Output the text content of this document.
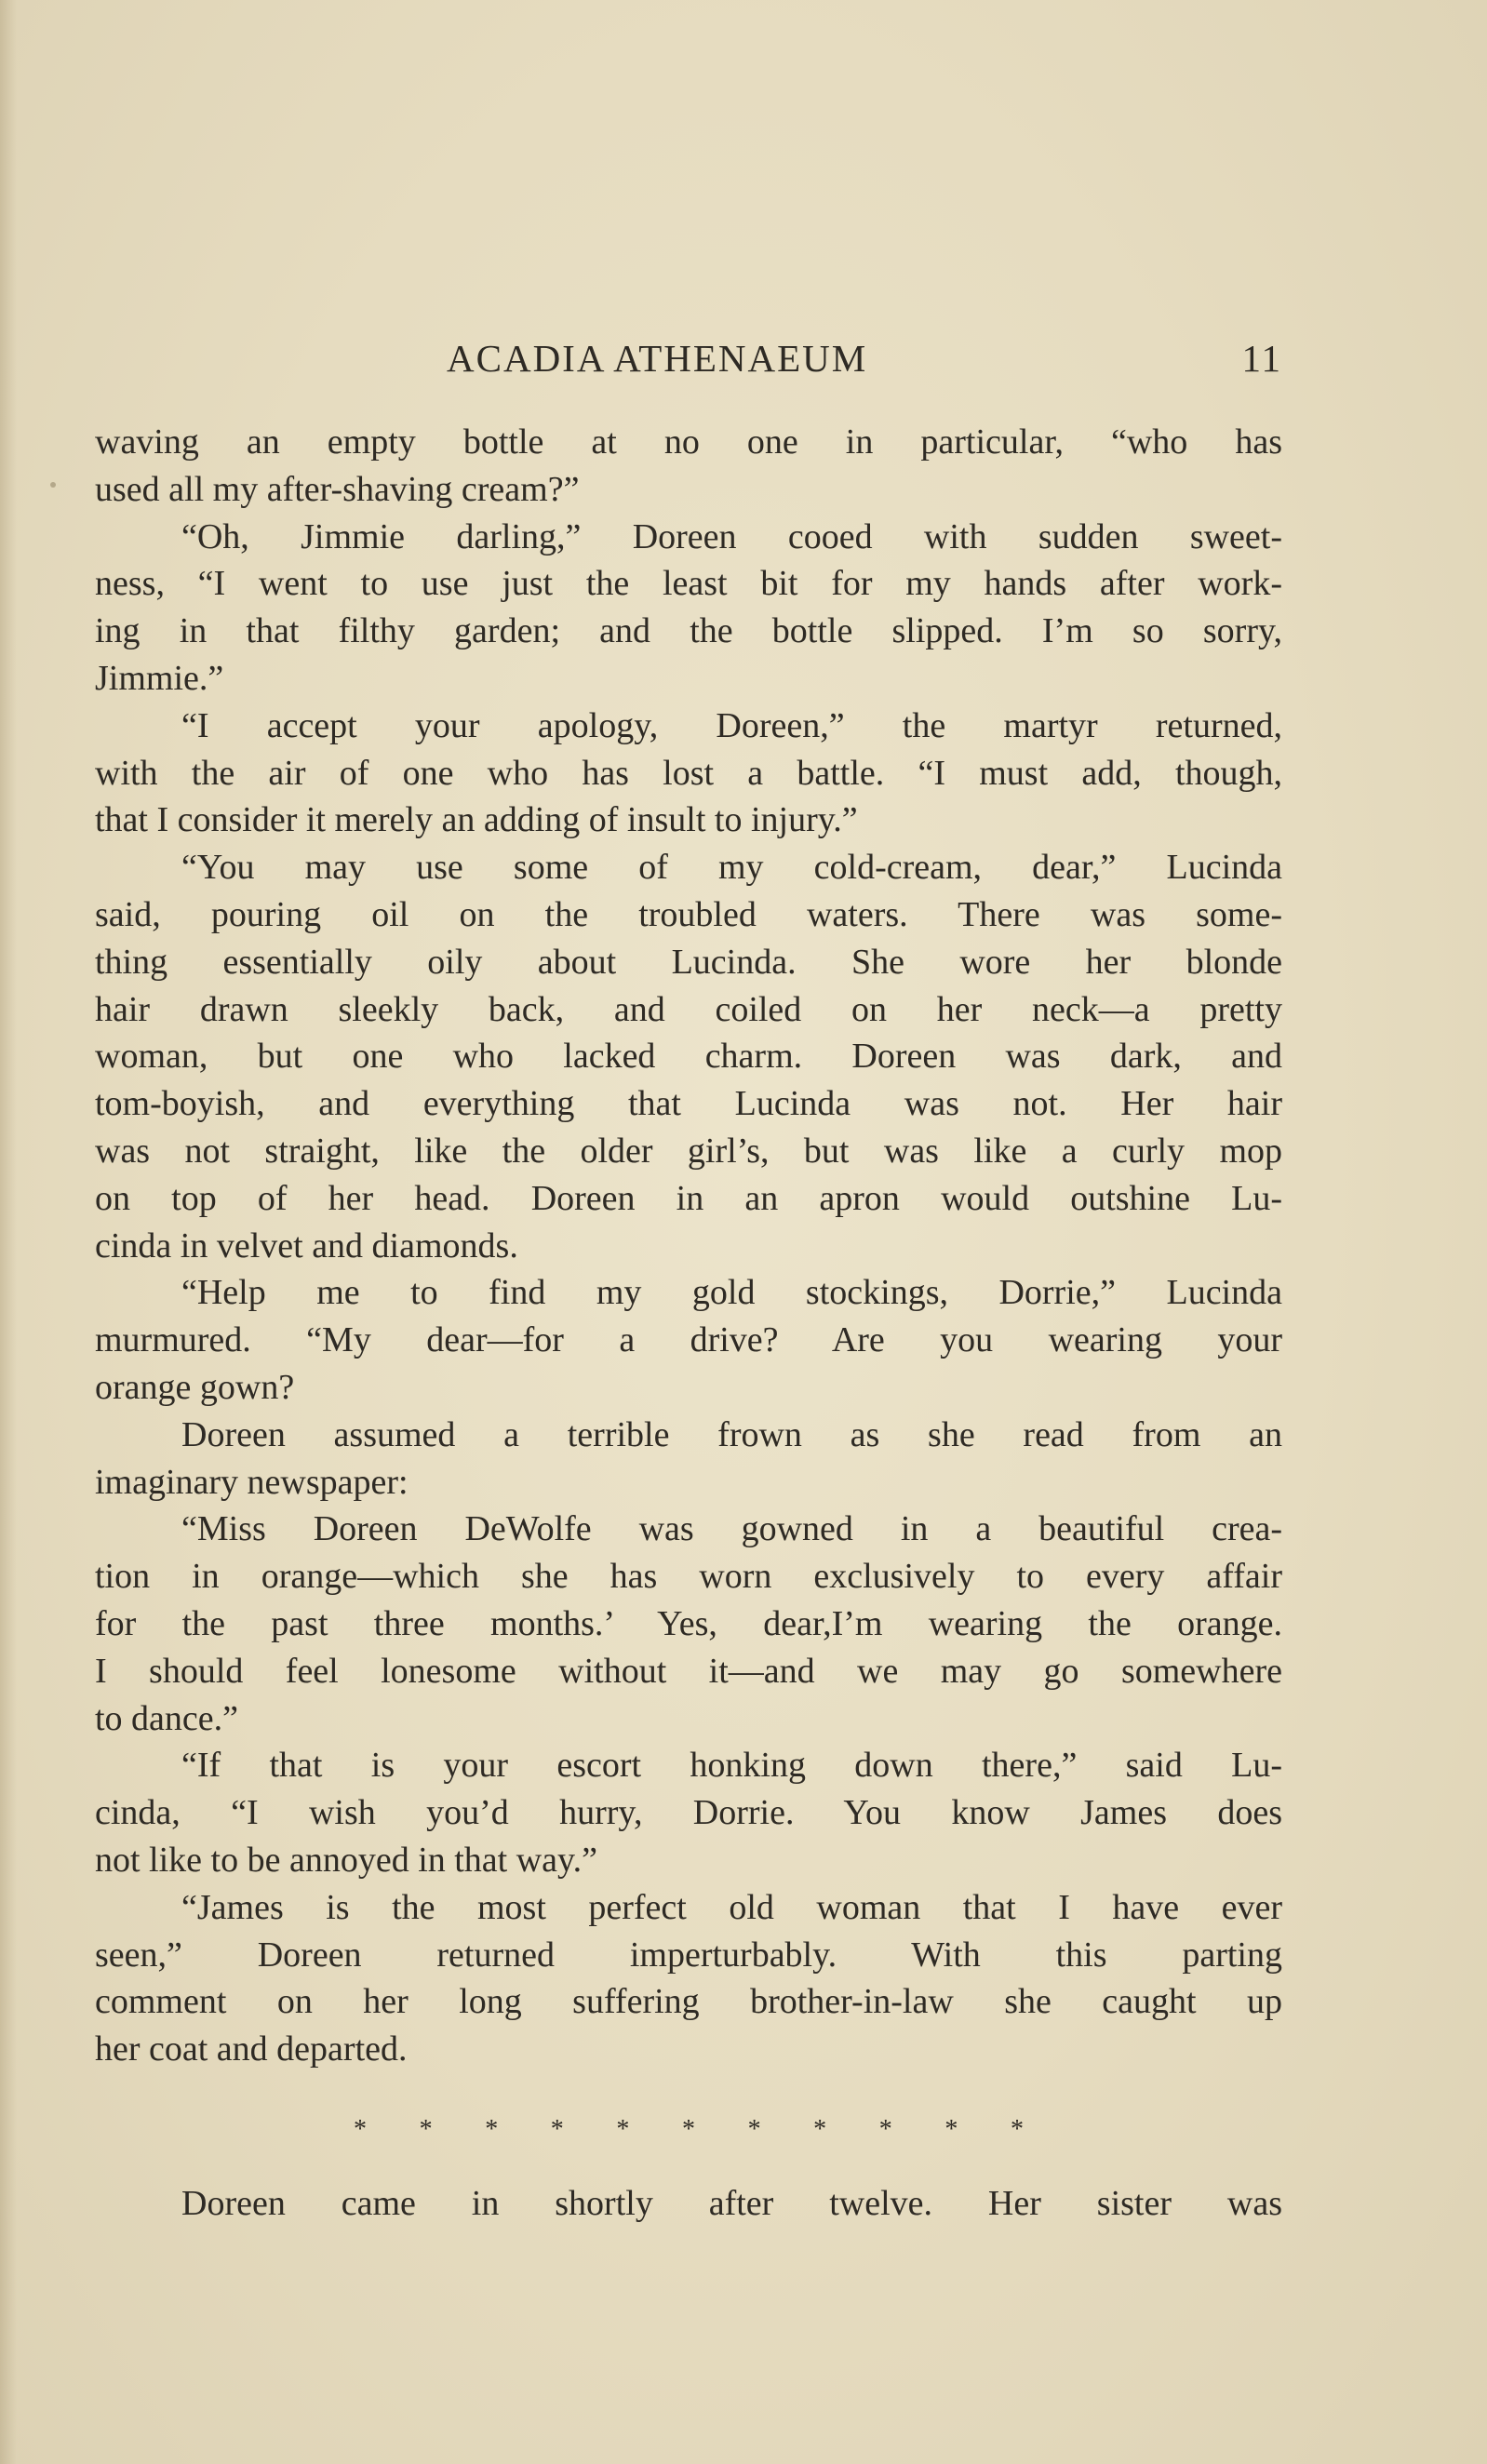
ACADIA ATHENAEUM	11
waving an empty bottle at no one in particular, “who has
used all my after-shaving cream?”
“Oh, Jimmie darling,” Doreen cooed with sudden sweet-
ness, “I went to use just the least bit for my hands after work-
ing in that filthy garden; and the bottle slipped. I’m so sorry,
Jimmie.”
“I accept your apology, Doreen,” the martyr returned,
with the air of one who has lost a battle. “I must add, though,
that I consider it merely an adding of insult to injury.”
“You may use some of my cold-cream, dear,” Lucinda
said, pouring oil on the troubled waters. There was some-
thing essentially oily about Lucinda. She wore her blonde
hair drawn sleekly back, and coiled on her neck—a pretty
woman, but one who lacked charm. Doreen was dark, and
tom-boyish, and everything that Lucinda was not. Her hair
was not straight, like the older girl’s, but was like a curly mop
on top of her head. Doreen in an apron would outshine Lu-
cinda in velvet and diamonds.
“Help me to find my gold stockings, Dorrie,” Lucinda
murmured. “My dear—for a drive? Are you wearing your
orange gown?
Doreen assumed a terrible frown as she read from an
imaginary newspaper:
“Miss Doreen DeWolfe was gowned in a beautiful crea-
tion in orange—which she has worn exclusively to every affair
for the past three months.’ Yes, dear,I’m wearing the orange.
I should feel lonesome without it—and we may go somewhere
to dance.”
“If that is your escort honking down there,” said Lu-
cinda, “I wish you’d hurry, Dorrie. You know James does
not like to be annoyed in that way.”
“James is the most perfect old woman that I have ever
seen,” Doreen returned imperturbably. With this parting
comment on her long suffering brother-in-law she caught up
her coat and departed.
* * * * * * * * * * *
Doreen came in shortly after twelve. Her sister was
